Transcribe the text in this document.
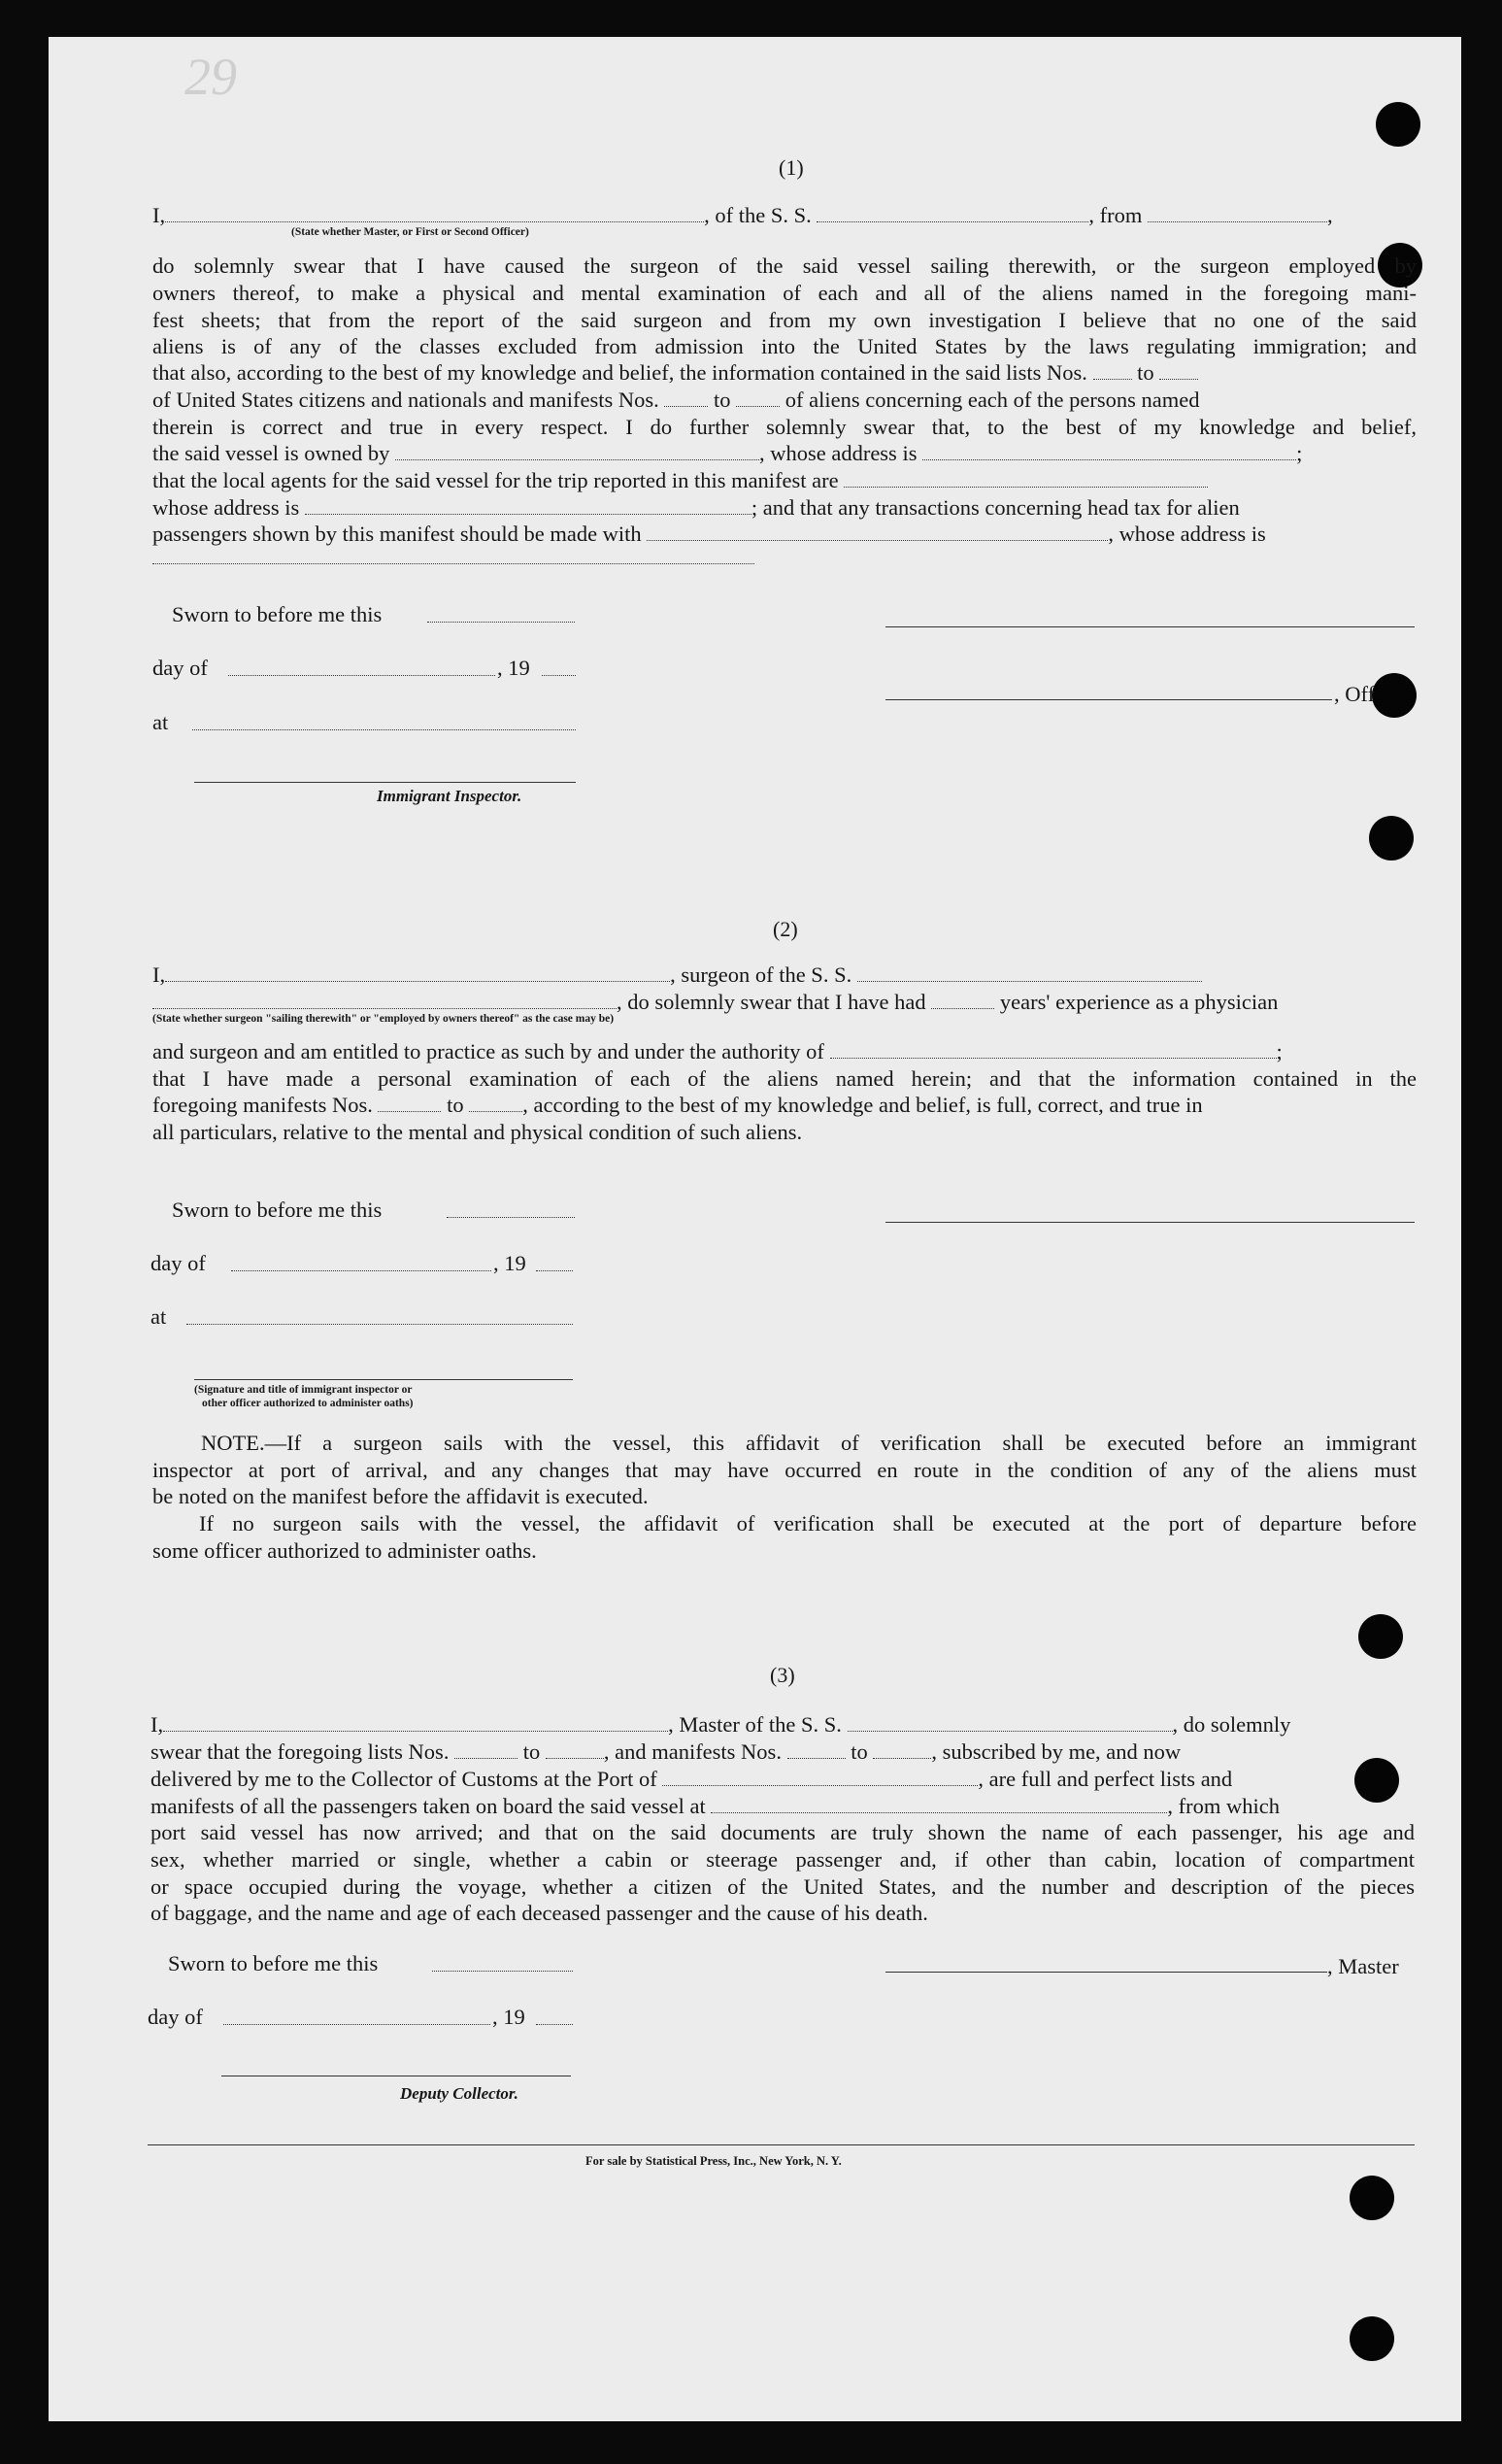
29
(1)
I,	, of the S. S.	, from	,
(State whether Master, or First or Second Officer)
do solemnly swear that I have caused the surgeon of the said vessel sailing therewith, or the surgeon employed by
owners thereof, to make a physical and mental examination of each and all of the aliens named in the foregoing mani-
fest sheets; that from the report of the said surgeon and from my own investigation I believe that no one of the said
aliens is of any of the classes excluded from admission into the United States by the laws regulating immigration; and
that also, according to the best of my knowledge and belief, the information contained in the said lists Nos. to
of United States citizens and nationals and manifests Nos.	to	of aliens concerning each of the persons named
therein is correct and true in every respect. I do further solemnly swear that, to the best of my knowledge and belief,
the said vessel is owned by	, whose address is	;
that the local agents for the said vessel for the trip reported in this manifest are
whose address is	; and that any transactions concerning head tax for alien
passengers shown by this manifest should be made with	, whose address is
Sworn to before me this
day of	, 19
, Off
at
Immigrant Inspector.
(2)
I,	, surgeon of the S. S.
, do solemnly swear that I have had	years' experience as a physician
(State whether surgeon "sailing therewith" or "employed by owners thereof" as the case may be)
and surgeon and am entitled to practice as such by and under the authority of	;
that I have made a personal examination of each of the aliens named herein; and that the information contained in the
foregoing manifests Nos.	to	, according to the best of my knowledge and belief, is full, correct, and true in
all particulars, relative to the mental and physical condition of such aliens.
Sworn to before me this
day of	, 19
at
(Signature and title of immigrant inspector or
other officer authorized to administer oaths)
NOTE.—If a surgeon sails with the vessel, this affidavit of verification shall be executed before an immigrant
inspector at port of arrival, and any changes that may have occurred en route in the condition of any of the aliens must
be noted on the manifest before the affidavit is executed.
If no surgeon sails with the vessel, the affidavit of verification shall be executed at the port of departure before
some officer authorized to administer oaths.
(3)
I,	, Master of the S. S.	, do solemnly
swear that the foregoing lists Nos.	to	, and manifests Nos.	to	, subscribed by me, and now
delivered by me to the Collector of Customs at the Port of	, are full and perfect lists and
manifests of all the passengers taken on board the said vessel at	, from which
port said vessel has now arrived; and that on the said documents are truly shown the name of each passenger, his age and
sex, whether married or single, whether a cabin or steerage passenger and, if other than cabin, location of compartment
or space occupied during the voyage, whether a citizen of the United States, and the number and description of the pieces
of baggage, and the name and age of each deceased passenger and the cause of his death.
Sworn to before me this	, Master
day of	, 19
Deputy Collector.
For sale by Statistical Press, Inc., New York, N. Y.
